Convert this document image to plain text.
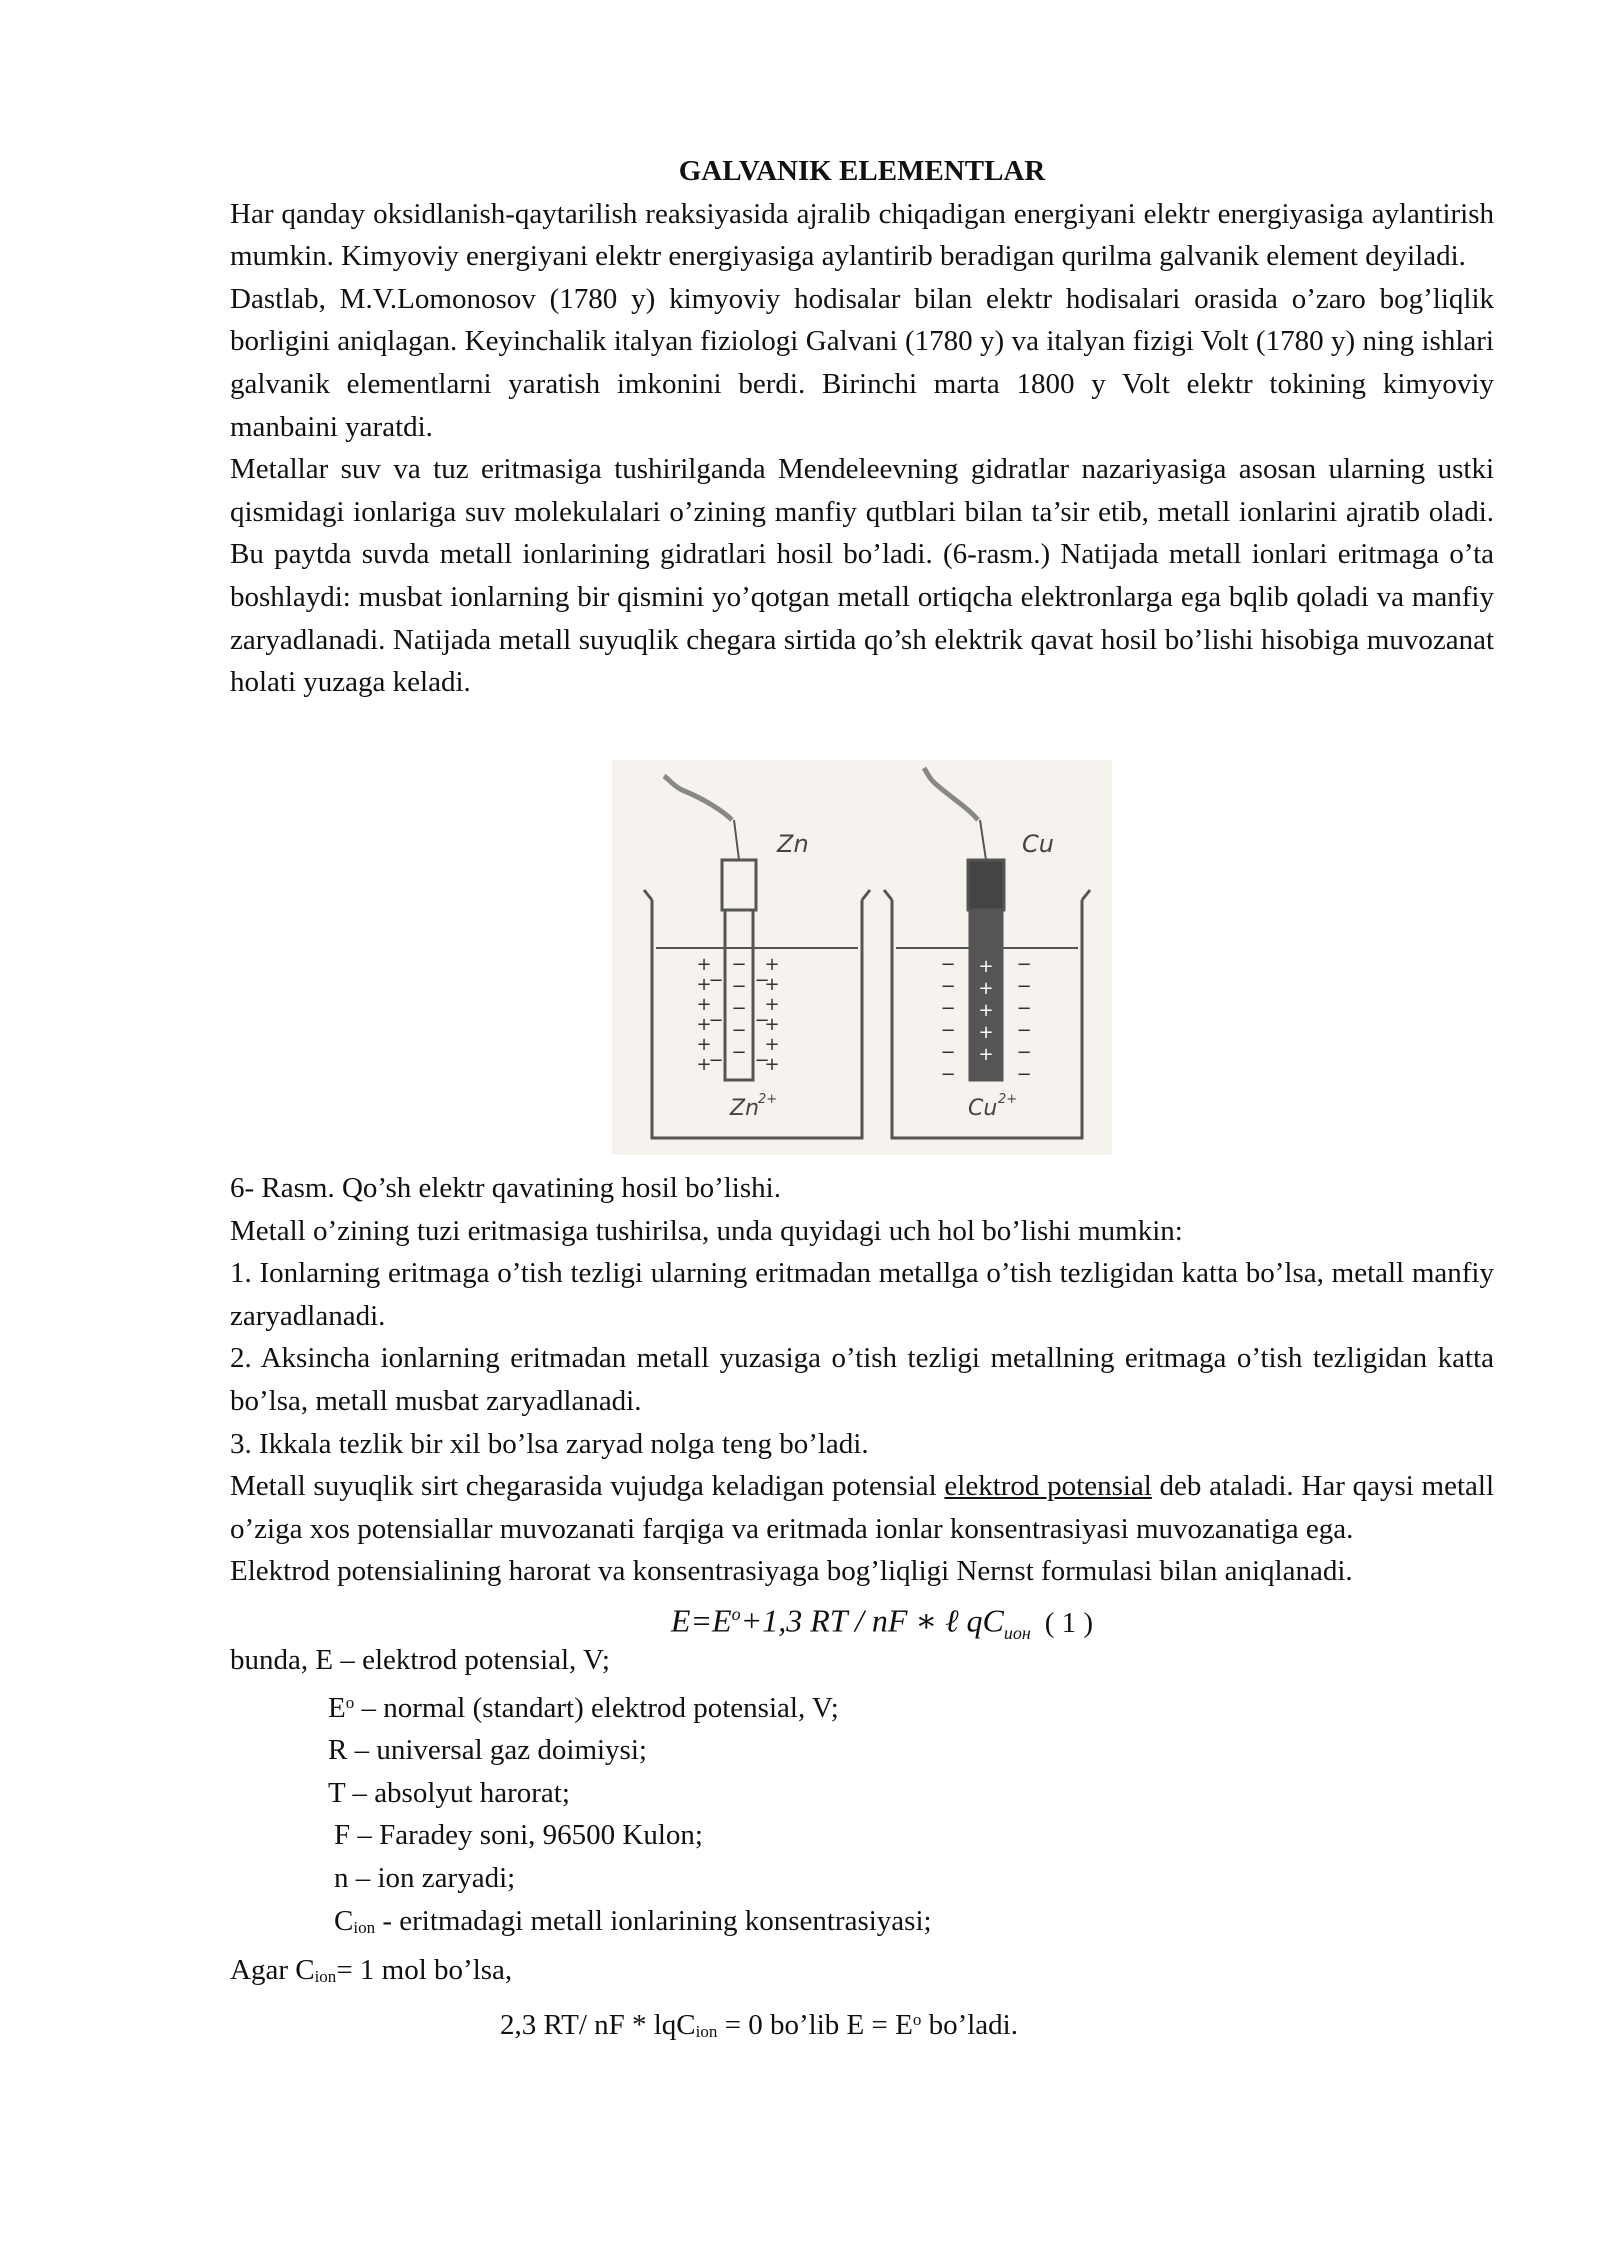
GALVANIK ELEMENTLAR

Har qanday oksidlanish-qaytarilish reaksiyasida ajralib chiqadigan energiyani elektr energiyasiga aylantirish mumkin. Kimyoviy energiyani elektr energiyasiga aylantirib beradigan qurilma galvanik element deyiladi.

Dastlab, M.V.Lomonosov (1780 y) kimyoviy hodisalar bilan elektr hodisalari orasida o’zaro bog’liqlik borligini aniqlagan. Keyinchalik italyan fiziologi Galvani (1780 y) va italyan fizigi Volt (1780 y) ning ishlari galvanik elementlarni yaratish imkonini berdi. Birinchi marta 1800 y Volt elektr tokining kimyoviy manbaini yaratdi.

Metallar suv va tuz eritmasiga tushirilganda Mendeleevning gidratlar nazariyasiga asosan ularning ustki qismidagi ionlariga suv molekulalari o’zining manfiy qutblari bilan ta’sir etib, metall ionlarini ajratib oladi. Bu paytda suvda metall ionlarining gidratlari hosil bo’ladi. (6-rasm.) Natijada metall ionlari eritmaga o’ta boshlaydi: musbat ionlarning bir qismini yo’qotgan metall ortiqcha elektronlarga ega bqlib qoladi va manfiy zaryadlanadi. Natijada metall suyuqlik chegara sirtida qo’sh elektrik qavat hosil bo’lishi hisobiga muvozanat holati yuzaga keladi.

+
+
+
+
+
+
+
+
+
+
+
+
−
−
−
−
−
−
−
−
−
−
−
−
−
−
−
−
−
−
−
−
−
−
−
+
+
+
+
+
Zn	Cu
Zn
2+	Cu 2+

6- Rasm. Qo’sh elektr qavatining hosil bo’lishi.

Metall o’zining tuzi eritmasiga tushirilsa, unda quyidagi uch hol bo’lishi mumkin:

1. Ionlarning eritmaga o’tish tezligi ularning eritmadan metallga o’tish tezligidan katta bo’lsa, metall manfiy zaryadlanadi.

2. Aksincha ionlarning eritmadan metall yuzasiga o’tish tezligi metallning eritmaga o’tish tezligidan katta bo’lsa, metall musbat zaryadlanadi.

3. Ikkala tezlik bir xil bo’lsa zaryad nolga teng bo’ladi.

Metall suyuqlik sirt chegarasida vujudga keladigan potensial elektrod potensial deb ataladi. Har qaysi metall o’ziga xos potensiallar muvozanati farqiga va eritmada ionlar konsentrasiyasi muvozanatiga ega.

Elektrod potensialining harorat va konsentrasiyaga bog’liqligi Nernst formulasi bilan aniqlanadi.

$E=E^o+1,3$ RT / nF ∗ ℓ $qC_{ион}$ ( 1 )

bunda, E – elektrod potensial, V;

$E^o$ – normal (standart) elektrod potensial, V;

R – universal gaz doimiysi;

T – absolyut harorat;

F – Faradey soni, 96500 Kulon;

n – ion zaryadi;

$C_{ion}$ - eritmadagi metall ionlarining konsentrasiyasi;

Agar $C_{ion}= 1$ mol bo’lsa,

2,3 RT/ nF * lqC$_{ion}$ = 0 bo’lib $E = E^o$ bo’ladi.
